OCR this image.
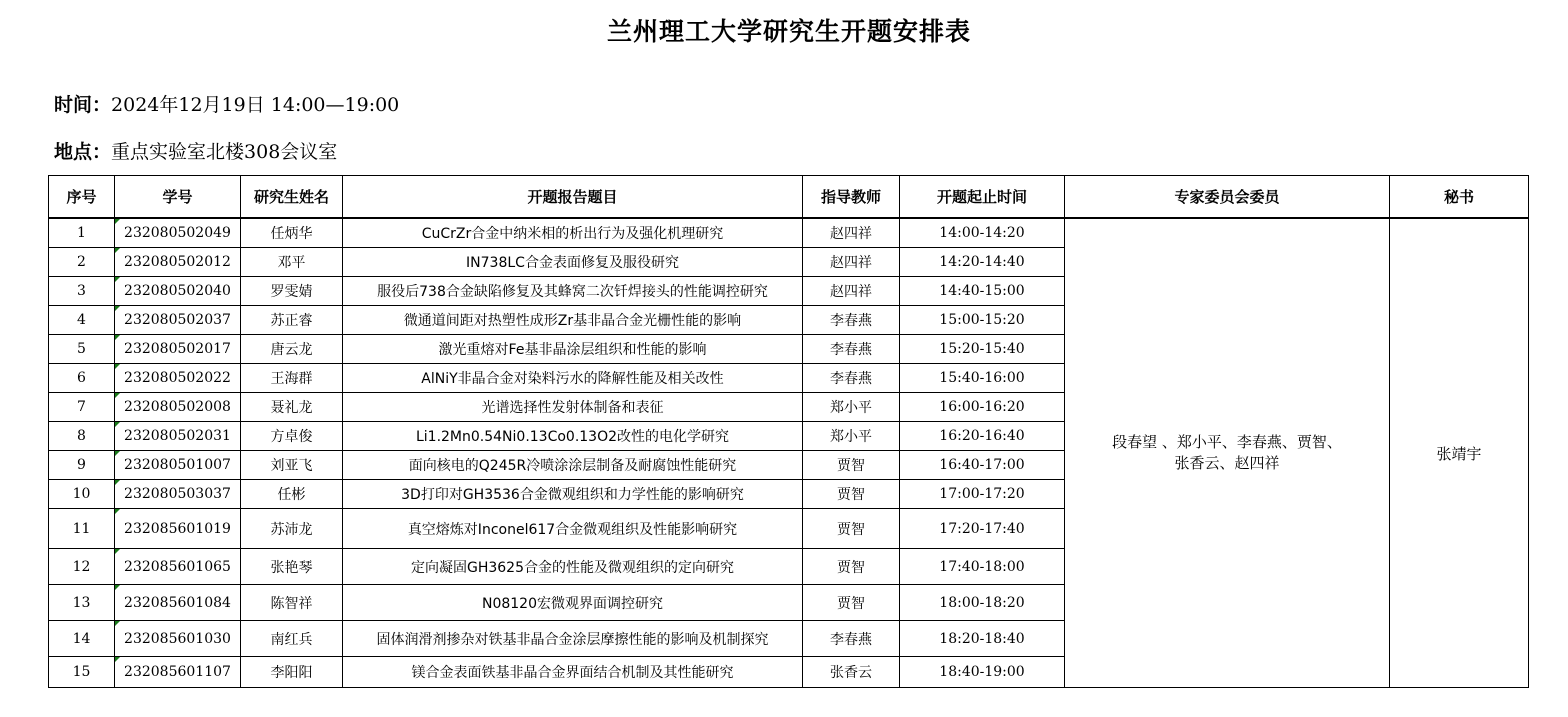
兰州理工大学研究生开题安排表
时间：2024年12月19日 14:00—19:00
地点：重点实验室北楼308会议室
序号	学号	研究生姓名	开题报告题目	指导教师	开题起止时间	专家委员会委员	秘书
1	232080502049	任炳华	CuCrZr合金中纳米相的析出行为及强化机理研究	赵四祥	14:00-14:20	段春望 、郑小平、李春燕、贾智、
张香云、赵四祥	张靖宇
2	232080502012	邓平	IN738LC合金表面修复及服役研究	赵四祥	14:20-14:40		
3	232080502040	罗雯婧	服役后738合金缺陷修复及其蜂窝二次钎焊接头的性能调控研究	赵四祥	14:40-15:00		
4	232080502037	苏正睿	微通道间距对热塑性成形Zr基非晶合金光栅性能的影响	李春燕	15:00-15:20		
5	232080502017	唐云龙	激光重熔对Fe基非晶涂层组织和性能的影响	李春燕	15:20-15:40		
6	232080502022	王海群	AlNiY非晶合金对染料污水的降解性能及相关改性	李春燕	15:40-16:00		
7	232080502008	聂礼龙	光谱选择性发射体制备和表征	郑小平	16:00-16:20		
8	232080502031	方卓俊	Li1.2Mn0.54Ni0.13Co0.13O2改性的电化学研究	郑小平	16:20-16:40		
9	232080501007	刘亚飞	面向核电的Q245R冷喷涂涂层制备及耐腐蚀性能研究	贾智	16:40-17:00		
10	232080503037	任彬	3D打印对GH3536合金微观组织和力学性能的影响研究	贾智	17:00-17:20		
11	232085601019	苏沛龙	真空熔炼对Inconel617合金微观组织及性能影响研究	贾智	17:20-17:40		
12	232085601065	张艳琴	定向凝固GH3625合金的性能及微观组织的定向研究	贾智	17:40-18:00		
13	232085601084	陈智祥	N08120宏微观界面调控研究	贾智	18:00-18:20		
14	232085601030	南红兵	固体润滑剂掺杂对铁基非晶合金涂层摩擦性能的影响及机制探究	李春燕	18:20-18:40		
15	232085601107	李阳阳	镁合金表面铁基非晶合金界面结合机制及其性能研究	张香云	18:40-19:00		
